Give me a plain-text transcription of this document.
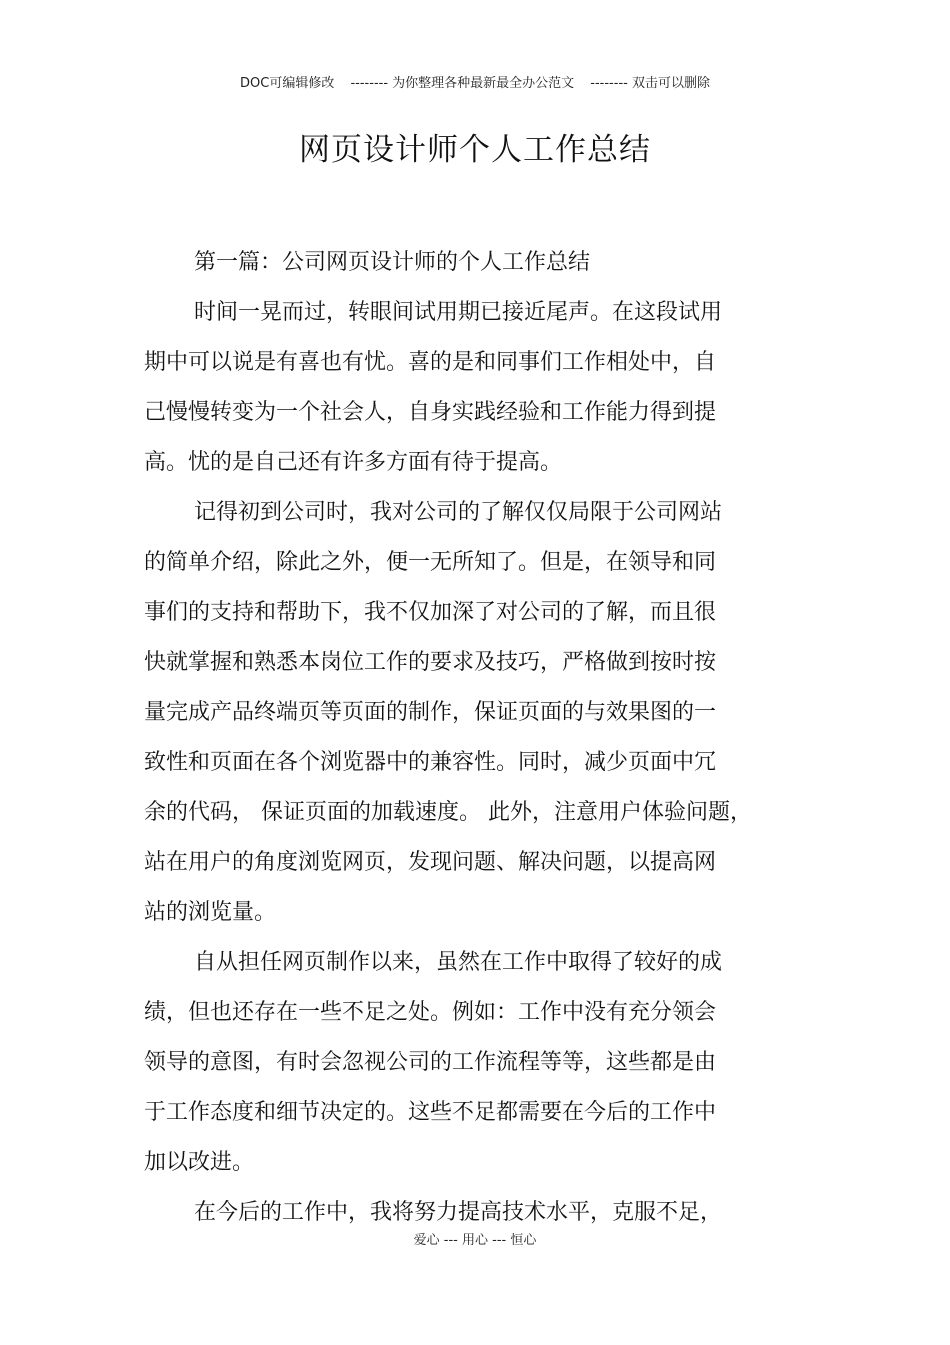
DOC可编辑修改 -------- 为你整理各种最新最全办公范文 -------- 双击可以删除
网页设计师个人工作总结
第一篇：公司网页设计师的个人工作总结
时间一晃而过，转眼间试用期已接近尾声。在这段试用
期中可以说是有喜也有忧。喜的是和同事们工作相处中，自
己慢慢转变为一个社会人，自身实践经验和工作能力得到提
高。忧的是自己还有许多方面有待于提高。
记得初到公司时，我对公司的了解仅仅局限于公司网站
的简单介绍，除此之外，便一无所知了。但是，在领导和同
事们的支持和帮助下，我不仅加深了对公司的了解，而且很
快就掌握和熟悉本岗位工作的要求及技巧，严格做到按时按
量完成产品终端页等页面的制作，保证页面的与效果图的一
致性和页面在各个浏览器中的兼容性。同时，减少页面中冗
余的代码， 保证页面的加载速度。 此外，注意用户体验问题，
站在用户的角度浏览网页，发现问题、解决问题，以提高网
站的浏览量。
自从担任网页制作以来，虽然在工作中取得了较好的成
绩，但也还存在一些不足之处。例如：工作中没有充分领会
领导的意图，有时会忽视公司的工作流程等等，这些都是由
于工作态度和细节决定的。这些不足都需要在今后的工作中
加以改进。
在今后的工作中，我将努力提高技术水平，克服不足，
爱心 --- 用心 --- 恒心
